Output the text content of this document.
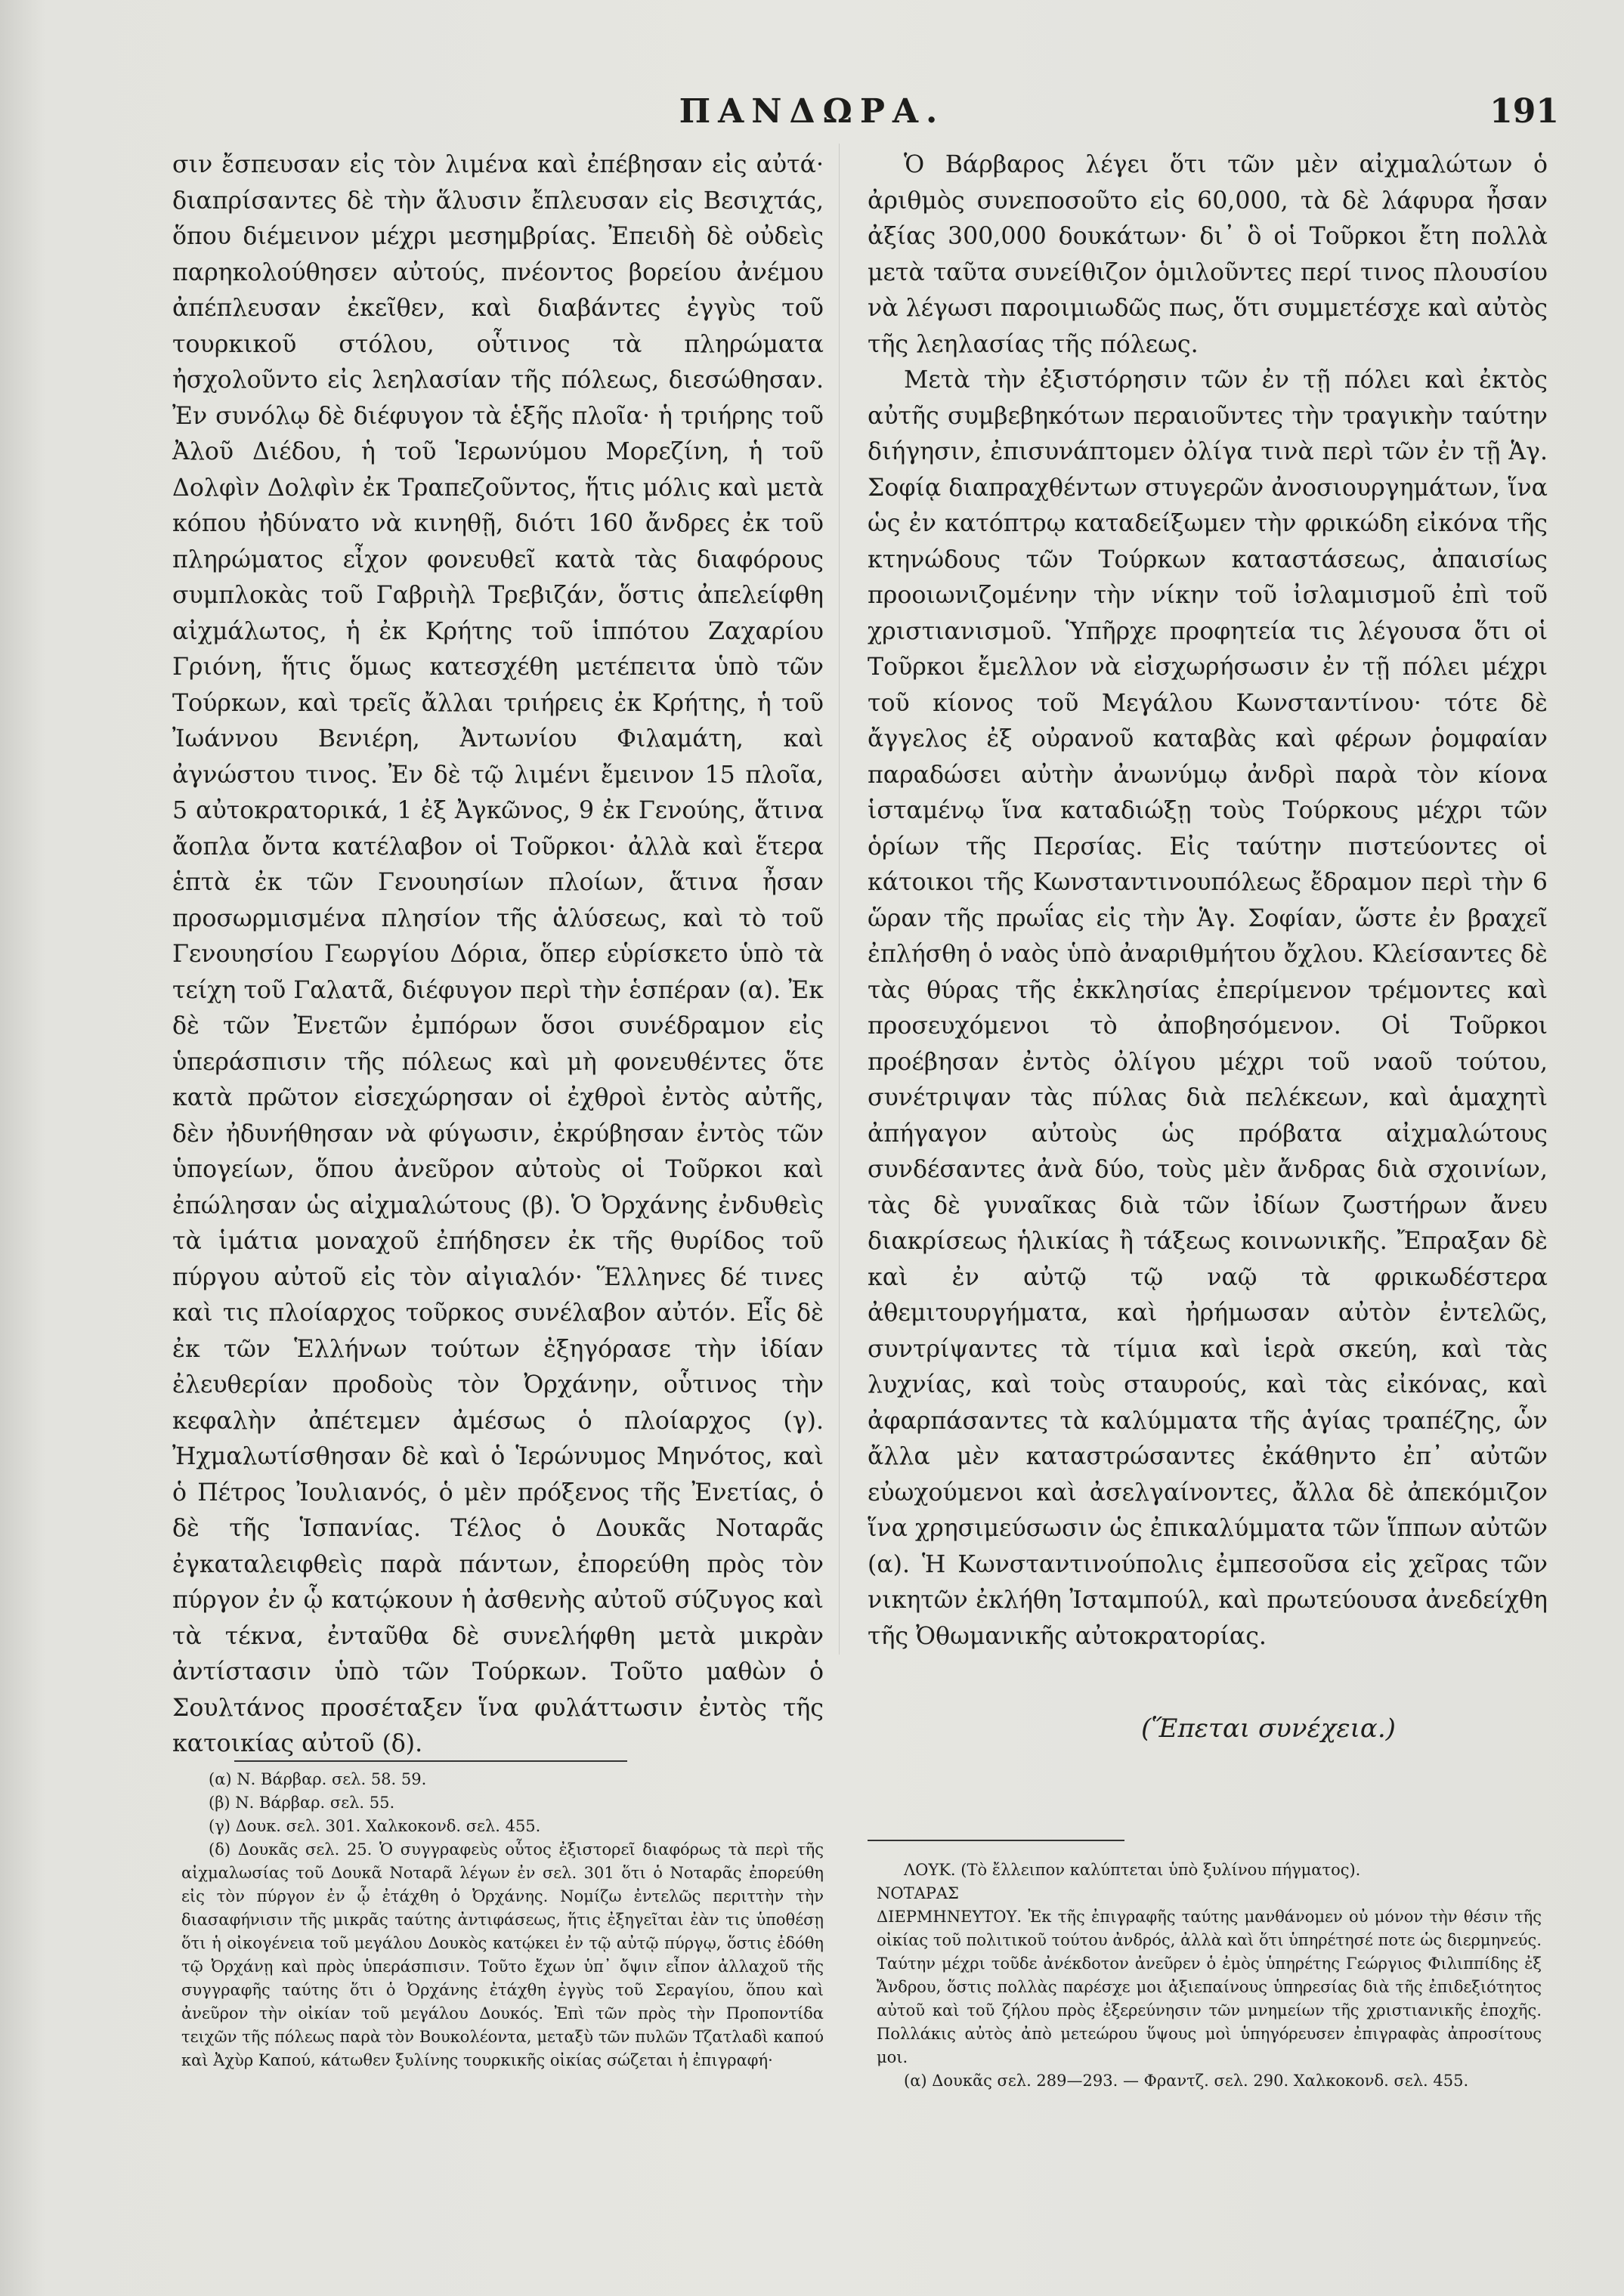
ΠΑΝΔΩΡΑ.	191

σιν ἔσπευσαν εἰς τὸν λιμένα καὶ ἐπέβησαν εἰς αὐτά· διαπρίσαντες δὲ τὴν ἅλυσιν ἔπλευσαν εἰς Βεσιχτάς, ὅπου διέμεινον μέχρι μεσημβρίας. Ἐπειδὴ δὲ οὐδεὶς παρηκολούθησεν αὐτούς, πνέοντος βορείου ἀνέμου ἀπέπλευσαν ἐκεῖθεν, καὶ διαβάντες ἐγγὺς τοῦ τουρκικοῦ στόλου, οὗτινος τὰ πληρώματα ἠσχολοῦντο εἰς λεηλασίαν τῆς πόλεως, διεσώθησαν. Ἐν συνόλῳ δὲ διέφυγον τὰ ἑξῆς πλοῖα· ἡ τριήρης τοῦ Ἀλοῦ Διέδου, ἡ τοῦ Ἱερωνύμου Μορεζίνη, ἡ τοῦ Δολφὶν Δολφὶν ἐκ Τραπεζοῦντος, ἥτις μόλις καὶ μετὰ κόπου ἠδύνατο νὰ κινηθῇ, διότι 160 ἄνδρες ἐκ τοῦ πληρώματος εἶχον φονευθεῖ κατὰ τὰς διαφόρους συμπλοκὰς τοῦ Γαβριὴλ Τρεβιζάν, ὅστις ἀπελείφθη αἰχμάλωτος, ἡ ἐκ Κρήτης τοῦ ἱππότου Ζαχαρίου Γριόνη, ἥτις ὅμως κατεσχέθη μετέπειτα ὑπὸ τῶν Τούρκων, καὶ τρεῖς ἄλλαι τριήρεις ἐκ Κρήτης, ἡ τοῦ Ἰωάννου Βενιέρη, Ἀντωνίου Φιλαμάτη, καὶ ἀγνώστου τινος. Ἐν δὲ τῷ λιμένι ἔμεινον 15 πλοῖα, 5 αὐτοκρατορικά, 1 ἐξ Ἀγκῶνος, 9 ἐκ Γενούης, ἅτινα ἄοπλα ὄντα κατέλαβον οἱ Τοῦρκοι· ἀλλὰ καὶ ἕτερα ἑπτὰ ἐκ τῶν Γενουησίων πλοίων, ἅτινα ἦσαν προσωρμισμένα πλησίον τῆς ἁλύσεως, καὶ τὸ τοῦ Γενουησίου Γεωργίου Δόρια, ὅπερ εὑρίσκετο ὑπὸ τὰ τείχη τοῦ Γαλατᾶ, διέφυγον περὶ τὴν ἑσπέραν (α). Ἐκ δὲ τῶν Ἐνετῶν ἐμπόρων ὅσοι συνέδραμον εἰς ὑπεράσπισιν τῆς πόλεως καὶ μὴ φονευθέντες ὅτε κατὰ πρῶτον εἰσεχώρησαν οἱ ἐχθροὶ ἐντὸς αὐτῆς, δὲν ἠδυνήθησαν νὰ φύγωσιν, ἐκρύβησαν ἐντὸς τῶν ὑπογείων, ὅπου ἀνεῦρον αὐτοὺς οἱ Τοῦρκοι καὶ ἐπώλησαν ὡς αἰχμαλώτους (β). Ὁ Ὀρχάνης ἐνδυθεὶς τὰ ἱμάτια μοναχοῦ ἐπήδησεν ἐκ τῆς θυρίδος τοῦ πύργου αὐτοῦ εἰς τὸν αἰγιαλόν· Ἕλληνες δέ τινες καὶ τις πλοίαρχος τοῦρκος συνέλαβον αὐτόν. Εἷς δὲ ἐκ τῶν Ἑλλήνων τούτων ἐξηγόρασε τὴν ἰδίαν ἐλευθερίαν προδοὺς τὸν Ὀρχάνην, οὗτινος τὴν κεφαλὴν ἀπέτεμεν ἀμέσως ὁ πλοίαρχος (γ). Ἠχμαλωτίσθησαν δὲ καὶ ὁ Ἱερώνυμος Μηνότος, καὶ ὁ Πέτρος Ἰουλιανός, ὁ μὲν πρόξενος τῆς Ἐνετίας, ὁ δὲ τῆς Ἱσπανίας. Τέλος ὁ Δουκᾶς Νοταρᾶς ἐγκαταλειφθεὶς παρὰ πάντων, ἐπορεύθη πρὸς τὸν πύργον ἐν ᾧ κατῴκουν ἡ ἀσθενὴς αὐτοῦ σύζυγος καὶ τὰ τέκνα, ἐνταῦθα δὲ συνελήφθη μετὰ μικρὰν ἀντίστασιν ὑπὸ τῶν Τούρκων. Τοῦτο μαθὼν ὁ Σουλτάνος προσέταξεν ἵνα φυλάττωσιν ἐντὸς τῆς κατοικίας αὐτοῦ (δ).

Ὁ Βάρβαρος λέγει ὅτι τῶν μὲν αἰχμαλώτων ὁ ἀριθμὸς συνεποσοῦτο εἰς 60,000, τὰ δὲ λάφυρα ἦσαν ἀξίας 300,000 δουκάτων· δι᾽ ὃ οἱ Τοῦρκοι ἔτη πολλὰ μετὰ ταῦτα συνείθιζον ὁμιλοῦντες περί τινος πλουσίου νὰ λέγωσι παροιμιωδῶς πως, ὅτι συμμετέσχε καὶ αὐτὸς τῆς λεηλασίας τῆς πόλεως.

Μετὰ τὴν ἐξιστόρησιν τῶν ἐν τῇ πόλει καὶ ἐκτὸς αὐτῆς συμβεβηκότων περαιοῦντες τὴν τραγικὴν ταύτην διήγησιν, ἐπισυνάπτομεν ὀλίγα τινὰ περὶ τῶν ἐν τῇ Ἁγ. Σοφίᾳ διαπραχθέντων στυγερῶν ἀνοσιουργημάτων, ἵνα ὡς ἐν κατόπτρῳ καταδείξωμεν τὴν φρικώδη εἰκόνα τῆς κτηνώδους τῶν Τούρκων καταστάσεως, ἀπαισίως προοιωνιζομένην τὴν νίκην τοῦ ἰσλαμισμοῦ ἐπὶ τοῦ χριστιανισμοῦ. Ὑπῆρχε προφητεία τις λέγουσα ὅτι οἱ Τοῦρκοι ἔμελλον νὰ εἰσχωρήσωσιν ἐν τῇ πόλει μέχρι τοῦ κίονος τοῦ Μεγάλου Κωνσταντίνου· τότε δὲ ἄγγελος ἐξ οὐρανοῦ καταβὰς καὶ φέρων ῥομφαίαν παραδώσει αὐτὴν ἀνωνύμῳ ἀνδρὶ παρὰ τὸν κίονα ἱσταμένῳ ἵνα καταδιώξῃ τοὺς Τούρκους μέχρι τῶν ὁρίων τῆς Περσίας. Εἰς ταύτην πιστεύοντες οἱ κάτοικοι τῆς Κωνσταντινουπόλεως ἔδραμον περὶ τὴν 6 ὥραν τῆς πρωΐας εἰς τὴν Ἁγ. Σοφίαν, ὥστε ἐν βραχεῖ ἐπλήσθη ὁ ναὸς ὑπὸ ἀναριθμήτου ὄχλου. Κλείσαντες δὲ τὰς θύρας τῆς ἐκκλησίας ἐπερίμενον τρέμοντες καὶ προσευχόμενοι τὸ ἀποβησόμενον. Οἱ Τοῦρκοι προέβησαν ἐντὸς ὀλίγου μέχρι τοῦ ναοῦ τούτου, συνέτριψαν τὰς πύλας διὰ πελέκεων, καὶ ἁμαχητὶ ἀπήγαγον αὐτοὺς ὡς πρόβατα αἰχμαλώτους συνδέσαντες ἀνὰ δύο, τοὺς μὲν ἄνδρας διὰ σχοινίων, τὰς δὲ γυναῖκας διὰ τῶν ἰδίων ζωστήρων ἄνευ διακρίσεως ἡλικίας ἢ τάξεως κοινωνικῆς. Ἔπραξαν δὲ καὶ ἐν αὐτῷ τῷ ναῷ τὰ φρικωδέστερα ἀθεμιτουργήματα, καὶ ἠρήμωσαν αὐτὸν ἐντελῶς, συντρίψαντες τὰ τίμια καὶ ἱερὰ σκεύη, καὶ τὰς λυχνίας, καὶ τοὺς σταυρούς, καὶ τὰς εἰκόνας, καὶ ἀφαρπάσαντες τὰ καλύμματα τῆς ἁγίας τραπέζης, ὧν ἄλλα μὲν καταστρώσαντες ἐκάθηντο ἐπ᾽ αὐτῶν εὐωχούμενοι καὶ ἀσελγαίνοντες, ἄλλα δὲ ἀπεκόμιζον ἵνα χρησιμεύσωσιν ὡς ἐπικαλύμματα τῶν ἵππων αὐτῶν (α). Ἡ Κωνσταντινούπολις ἐμπεσοῦσα εἰς χεῖρας τῶν νικητῶν ἐκλήθη Ἰσταμπούλ, καὶ πρωτεύουσα ἀνεδείχθη τῆς Ὀθωμανικῆς αὐτοκρατορίας.

(Ἕπεται συνέχεια.)

(α) Ν. Βάρβαρ. σελ. 58. 59.

(β) Ν. Βάρβαρ. σελ. 55.

(γ) Δουκ. σελ. 301. Χαλκοκονδ. σελ. 455.

(δ) Δουκᾶς σελ. 25. Ὁ συγγραφεὺς οὗτος ἐξιστορεῖ διαφόρως τὰ περὶ τῆς αἰχμαλωσίας τοῦ Δουκᾶ Νοταρᾶ λέγων ἐν σελ. 301 ὅτι ὁ Νοταρᾶς ἐπορεύθη εἰς τὸν πύργον ἐν ᾧ ἐτάχθη ὁ Ὀρχάνης. Νομίζω ἐντελῶς περιττὴν τὴν διασαφήνισιν τῆς μικρᾶς ταύτης ἀντιφάσεως, ἥτις ἐξηγεῖται ἐὰν τις ὑποθέσῃ ὅτι ἡ οἰκογένεια τοῦ μεγάλου Δουκὸς κατῴκει ἐν τῷ αὐτῷ πύργῳ, ὅστις ἐδόθη τῷ Ὀρχάνῃ καὶ πρὸς ὑπεράσπισιν. Τοῦτο ἔχων ὑπ᾽ ὄψιν εἶπον ἀλλαχοῦ τῆς συγγραφῆς ταύτης ὅτι ὁ Ὀρχάνης ἐτάχθη ἐγγὺς τοῦ Σεραγίου, ὅπου καὶ ἀνεῦρον τὴν οἰκίαν τοῦ μεγάλου Δουκός. Ἐπὶ τῶν πρὸς τὴν Προποντίδα τειχῶν τῆς πόλεως παρὰ τὸν Βουκολέοντα, μεταξὺ τῶν πυλῶν Τζατλαδὶ καπού καὶ Ἀχὺρ Καπού, κάτωθεν ξυλίνης τουρκικῆς οἰκίας σώζεται ἡ ἐπιγραφή·

ΛΟΥΚ. (Τὸ ἔλλειπον καλύπτεται ὑπὸ ξυλίνου πήγματος).

ΝΟΤΑΡΑΣ

ΔΙΕΡΜΗΝΕΥΤΟΥ. Ἐκ τῆς ἐπιγραφῆς ταύτης μανθάνομεν οὐ μόνον τὴν θέσιν τῆς οἰκίας τοῦ πολιτικοῦ τούτου ἀνδρός, ἀλλὰ καὶ ὅτι ὑπηρέτησέ ποτε ὡς διερμηνεύς. Ταύτην μέχρι τοῦδε ἀνέκδοτον ἀνεῦρεν ὁ ἐμὸς ὑπηρέτης Γεώργιος Φιλιππίδης ἐξ Ἄνδρου, ὅστις πολλὰς παρέσχε μοι ἀξιεπαίνους ὑπηρεσίας διὰ τῆς ἐπιδεξιότητος αὐτοῦ καὶ τοῦ ζήλου πρὸς ἐξερεύνησιν τῶν μνημείων τῆς χριστιανικῆς ἐποχῆς. Πολλάκις αὐτὸς ἀπὸ μετεώρου ὕψους μοὶ ὑπηγόρευσεν ἐπιγραφὰς ἀπροσίτους μοι.

(α) Δουκᾶς σελ. 289—293. — Φραντζ. σελ. 290. Χαλκοκονδ. σελ. 455.
